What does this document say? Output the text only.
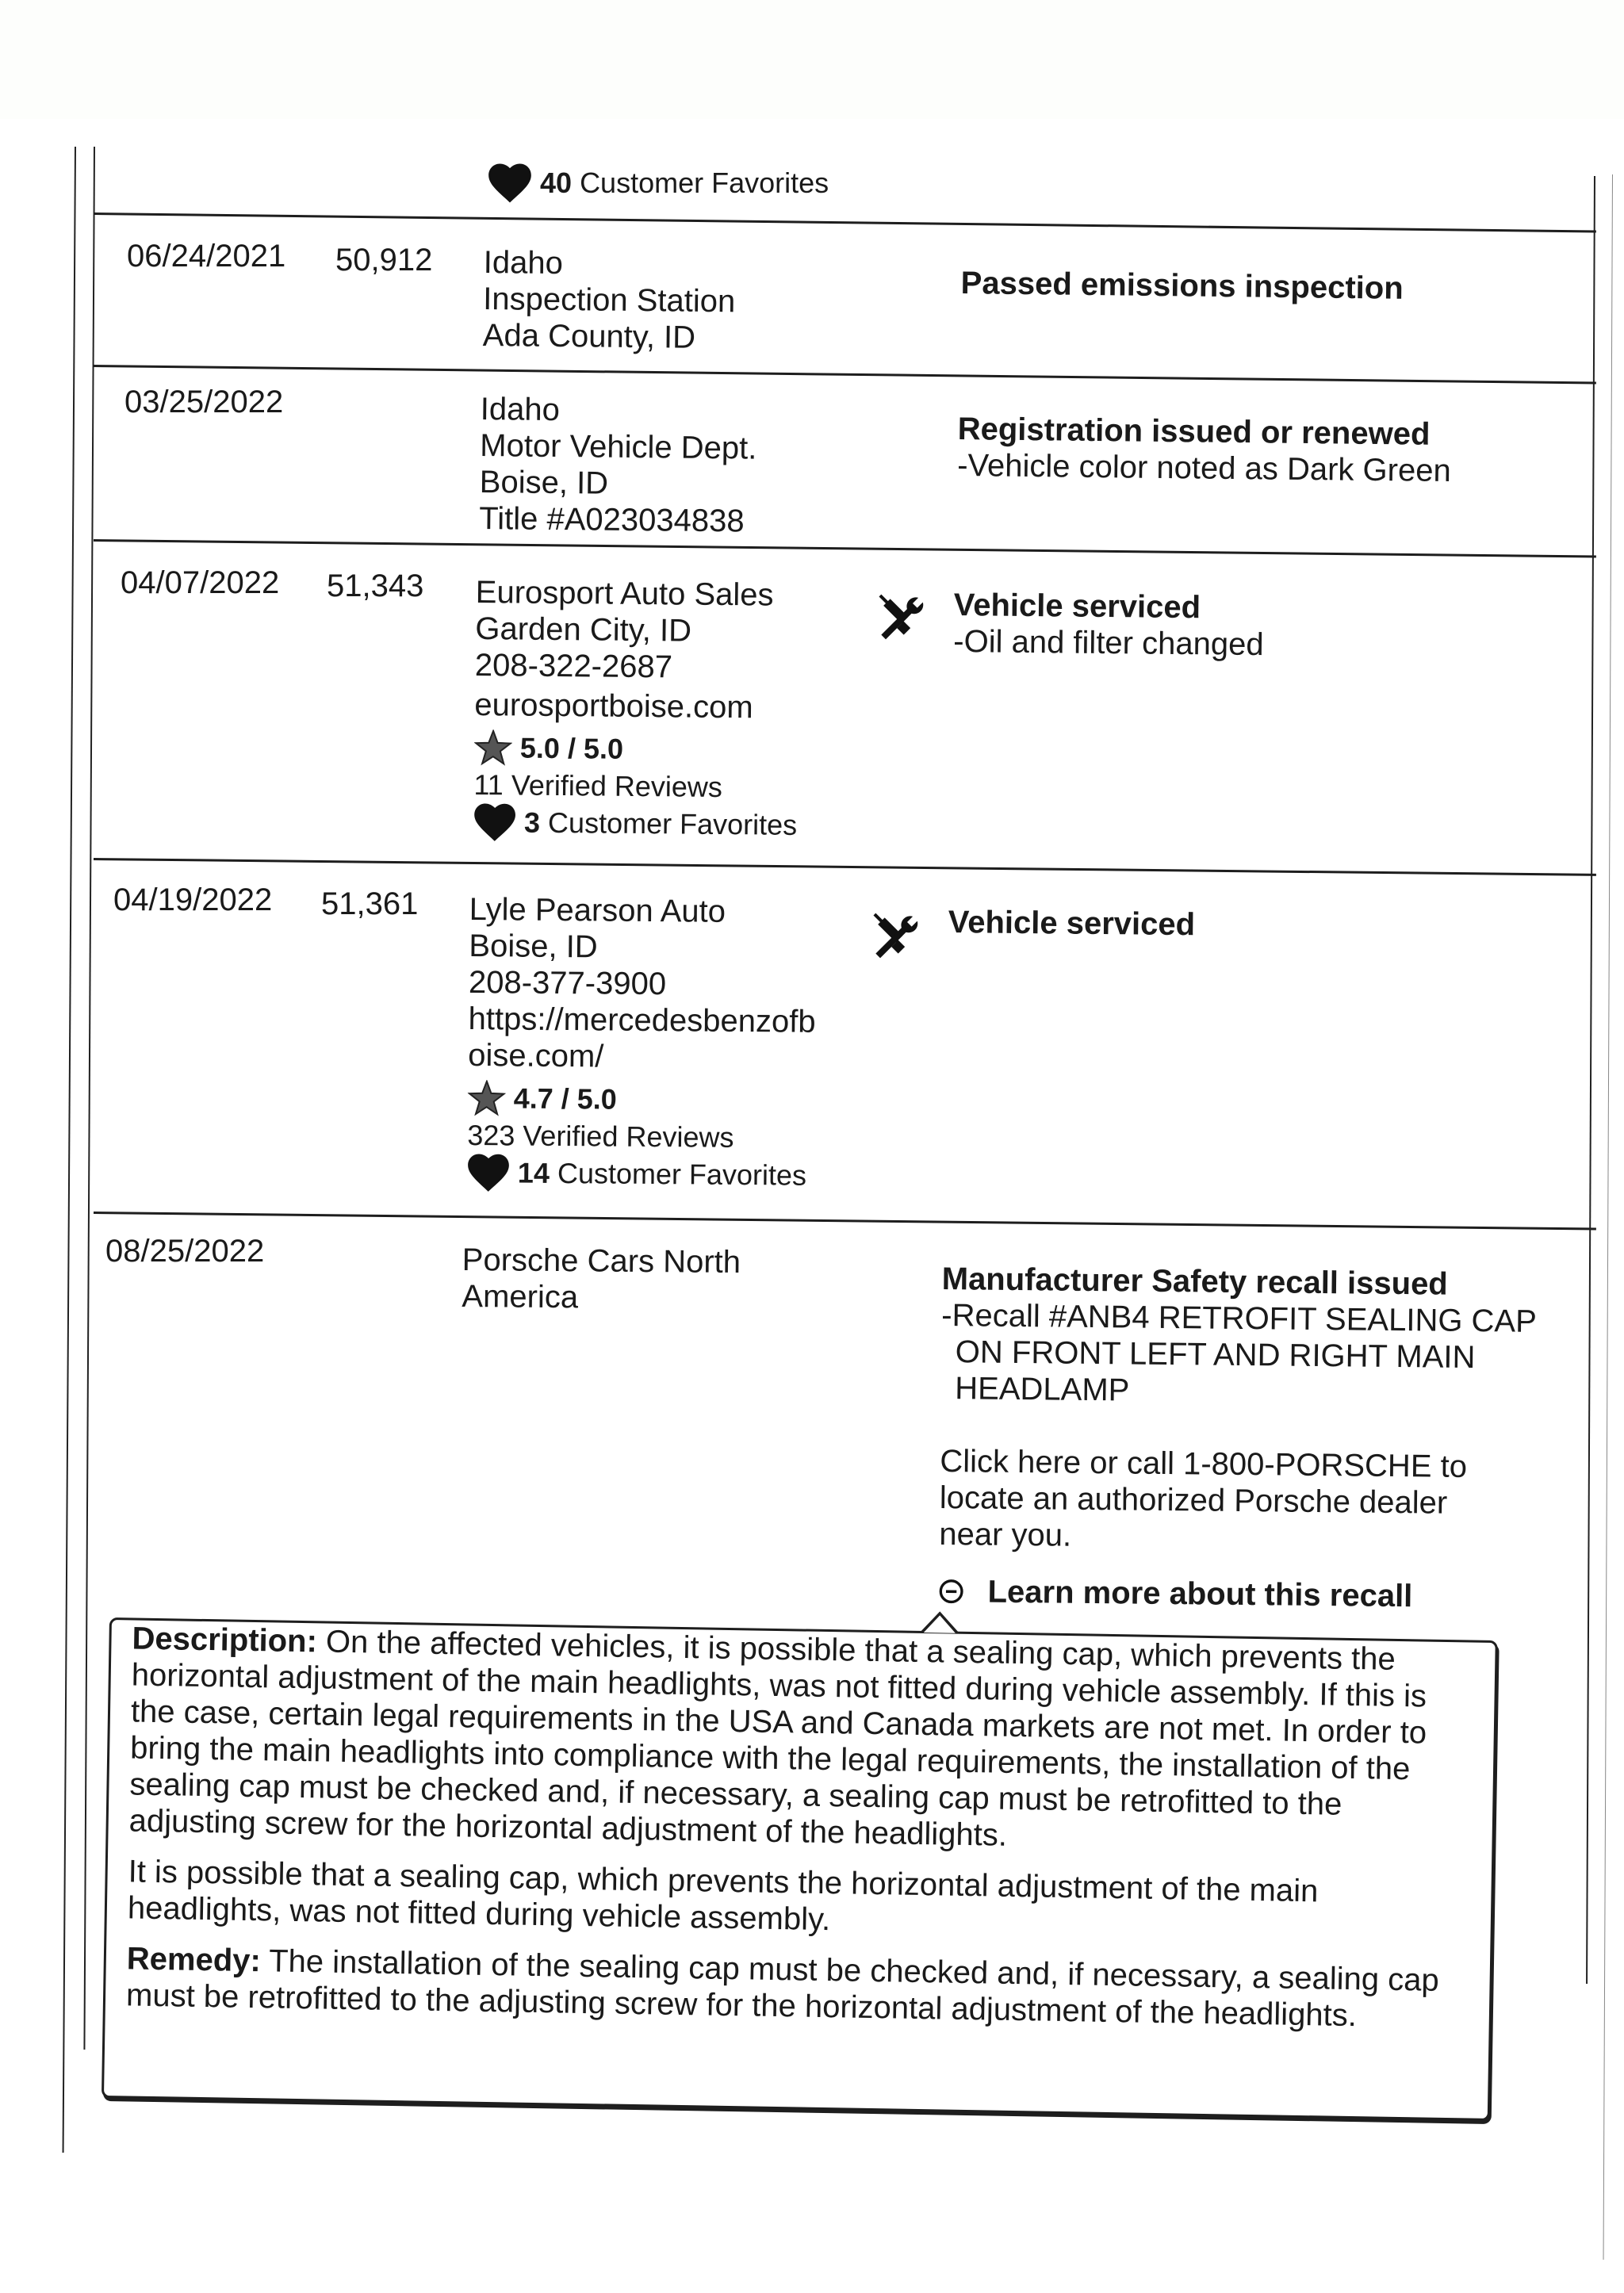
40
Customer Favorites
06/24/2021 50,912 Idaho
Inspection Station
Ada County, ID
Passed emissions inspection
03/25/2022	Idaho
Motor Vehicle Dept.
Boise, ID
Title #A023034838
Registration issued or renewed
-Vehicle color noted as Dark Green
04/07/2022 51,343 Eurosport Auto Sales
Garden City, ID
208-322-2687
eurosportboise.com
5.0 / 5.0
11 Verified Reviews
3
Customer Favorites
Vehicle serviced
-Oil and filter changed
04/19/2022 51,361 Lyle Pearson Auto
Boise, ID
208-377-3900
https://mercedesbenzofb
oise.com/
4.7 / 5.0
323 Verified Reviews
14
Customer Favorites
Vehicle serviced
08/25/2022	Porsche Cars North
America	Manufacturer Safety recall issued
-Recall #ANB4 RETROFIT SEALING CAP
ON FRONT LEFT AND RIGHT MAIN
HEADLAMP
Click here or call 1-800-PORSCHE to
locate an authorized Porsche dealer
near you.
Learn more about this recall

Description: On the affected vehicles, it is possible that a sealing cap, which prevents the horizontal adjustment of the main headlights, was not fitted during vehicle assembly. If this is the case, certain legal requirements in the USA and Canada markets are not met. In order to bring the main headlights into compliance with the legal requirements, the installation of the sealing cap must be checked and, if necessary, a sealing cap must be retrofitted to the adjusting screw for the horizontal adjustment of the headlights.

It is possible that a sealing cap, which prevents the horizontal adjustment of the main headlights, was not fitted during vehicle assembly.

Remedy: The installation of the sealing cap must be checked and, if necessary, a sealing cap must be retrofitted to the adjusting screw for the horizontal adjustment of the headlights.
